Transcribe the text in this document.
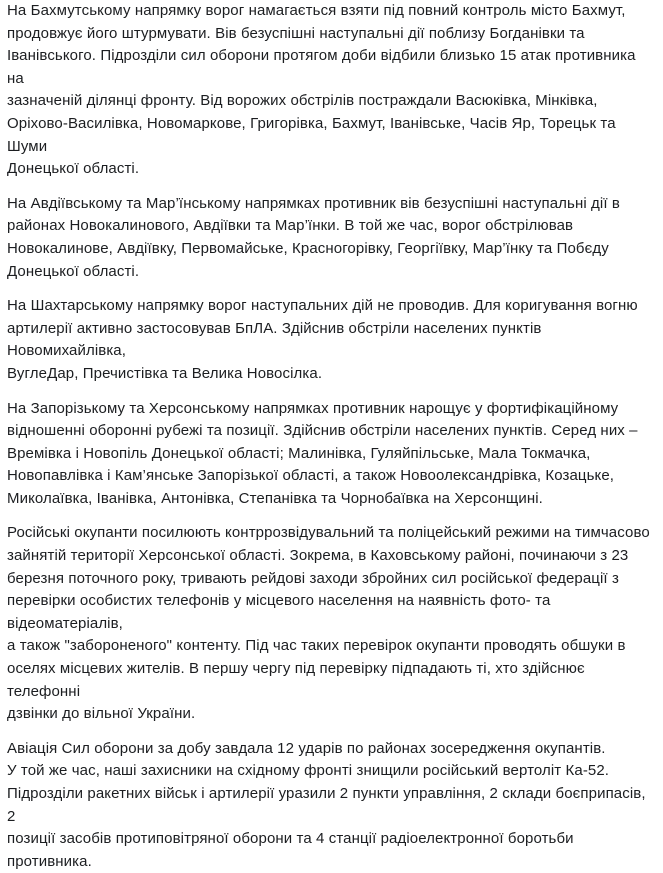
На Бахмутському напрямку ворог намагається взяти під повний контроль місто Бахмут,
продовжує його штурмувати. Вів безуспішні наступальні дії поблизу Богданівки та
Іванівського. Підрозділи сил оборони протягом доби відбили близько 15 атак противника на
зазначеній ділянці фронту. Від ворожих обстрілів постраждали Васюківка, Мінківка,
Оріхово-Василівка, Новомаркове, Григорівка, Бахмут, Іванівське, Часів Яр, Торецьк та Шуми
Донецької області.

На Авдіївському та Мар’їнському напрямках противник вів безуспішні наступальні дії в
районах Новокалинового, Авдіївки та Мар’їнки. В той же час, ворог обстрілював
Новокалинове, Авдіївку, Первомайське, Красногорівку, Георгіївку, Мар’їнку та Побєду
Донецької області.

На Шахтарському напрямку ворог наступальних дій не проводив. Для коригування вогню
артилерії активно застосовував БпЛА. Здійснив обстріли населених пунктів Новомихайлівка,
ВуглеДар, Пречистівка та Велика Новосілка.

На Запорізькому та Херсонському напрямках противник нарощує у фортифікаційному
відношенні оборонні рубежі та позиції. Здійснив обстріли населених пунктів. Серед них –
Времівка і Новопіль Донецької області; Малинівка, Гуляйпільське, Мала Токмачка,
Новопавлівка і Кам’янське Запорізької області, а також Новоолександрівка, Козацьке,
Миколаївка, Іванівка, Антонівка, Степанівка та Чорнобаївка на Херсонщині.

Російські окупанти посилюють контррозвідувальний та поліцейський режими на тимчасово
зайнятій території Херсонської області. Зокрема, в Каховському районі, починаючи з 23
березня поточного року, тривають рейдові заходи збройних сил російської федерації з
перевірки особистих телефонів у місцевого населення на наявність фото- та відеоматеріалів,
а також "забороненого" контенту. Під час таких перевірок окупанти проводять обшуки в
оселях місцевих жителів. В першу чергу під перевірку підпадають ті, хто здійснює телефонні
дзвінки до вільної України.

Авіація Сил оборони за добу завдала 12 ударів по районах зосередження окупантів.
У той же час, наші захисники на східному фронті знищили російський вертоліт Ка-52.
Підрозділи ракетних військ і артилерії уразили 2 пункти управління, 2 склади боєприпасів, 2
позиції засобів протиповітряної оборони та 4 станції радіоелектронної боротьби
противника.
